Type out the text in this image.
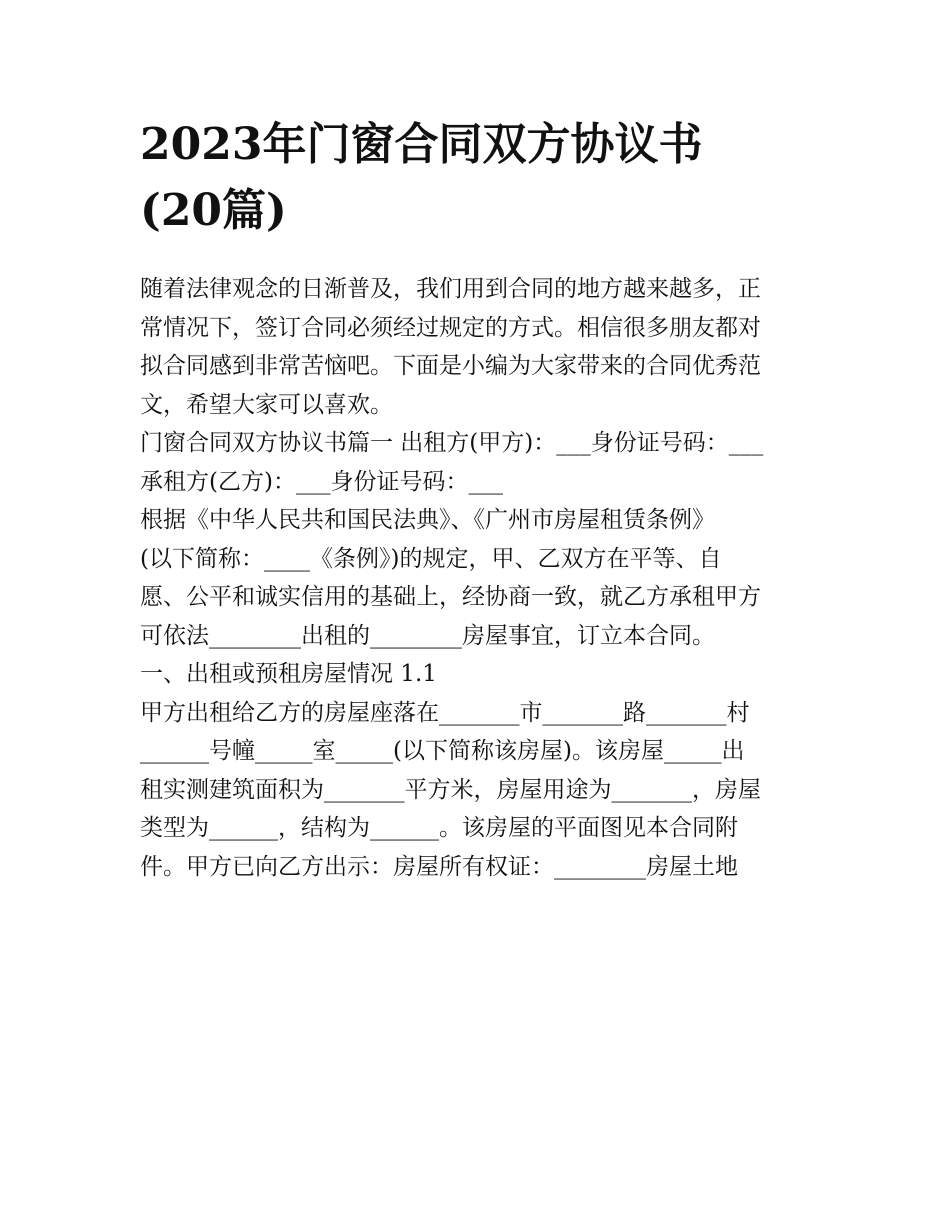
2023年门窗合同双方协议书
(20篇)
随着法律观念的日渐普及，我们用到合同的地方越来越多，正
常情况下，签订合同必须经过规定的方式。相信很多朋友都对
拟合同感到非常苦恼吧。下面是小编为大家带来的合同优秀范
文，希望大家可以喜欢。
门窗合同双方协议书篇一 出租方(甲方)：___身份证号码：___
承租方(乙方)：___身份证号码：___
根据《中华人民共和国民法典》、《广州市房屋租赁条例》
(以下简称：____《条例》)的规定，甲、乙双方在平等、自
愿、公平和诚实信用的基础上，经协商一致，就乙方承租甲方
可依法________出租的________房屋事宜，订立本合同。
一、出租或预租房屋情况 1.1
甲方出租给乙方的房屋座落在_______市_______路_______村
______号幢_____室_____(以下简称该房屋)。该房屋_____出
租实测建筑面积为_______平方米，房屋用途为_______，房屋
类型为______，结构为______。该房屋的平面图见本合同附
件。甲方已向乙方出示：房屋所有权证：________房屋土地
